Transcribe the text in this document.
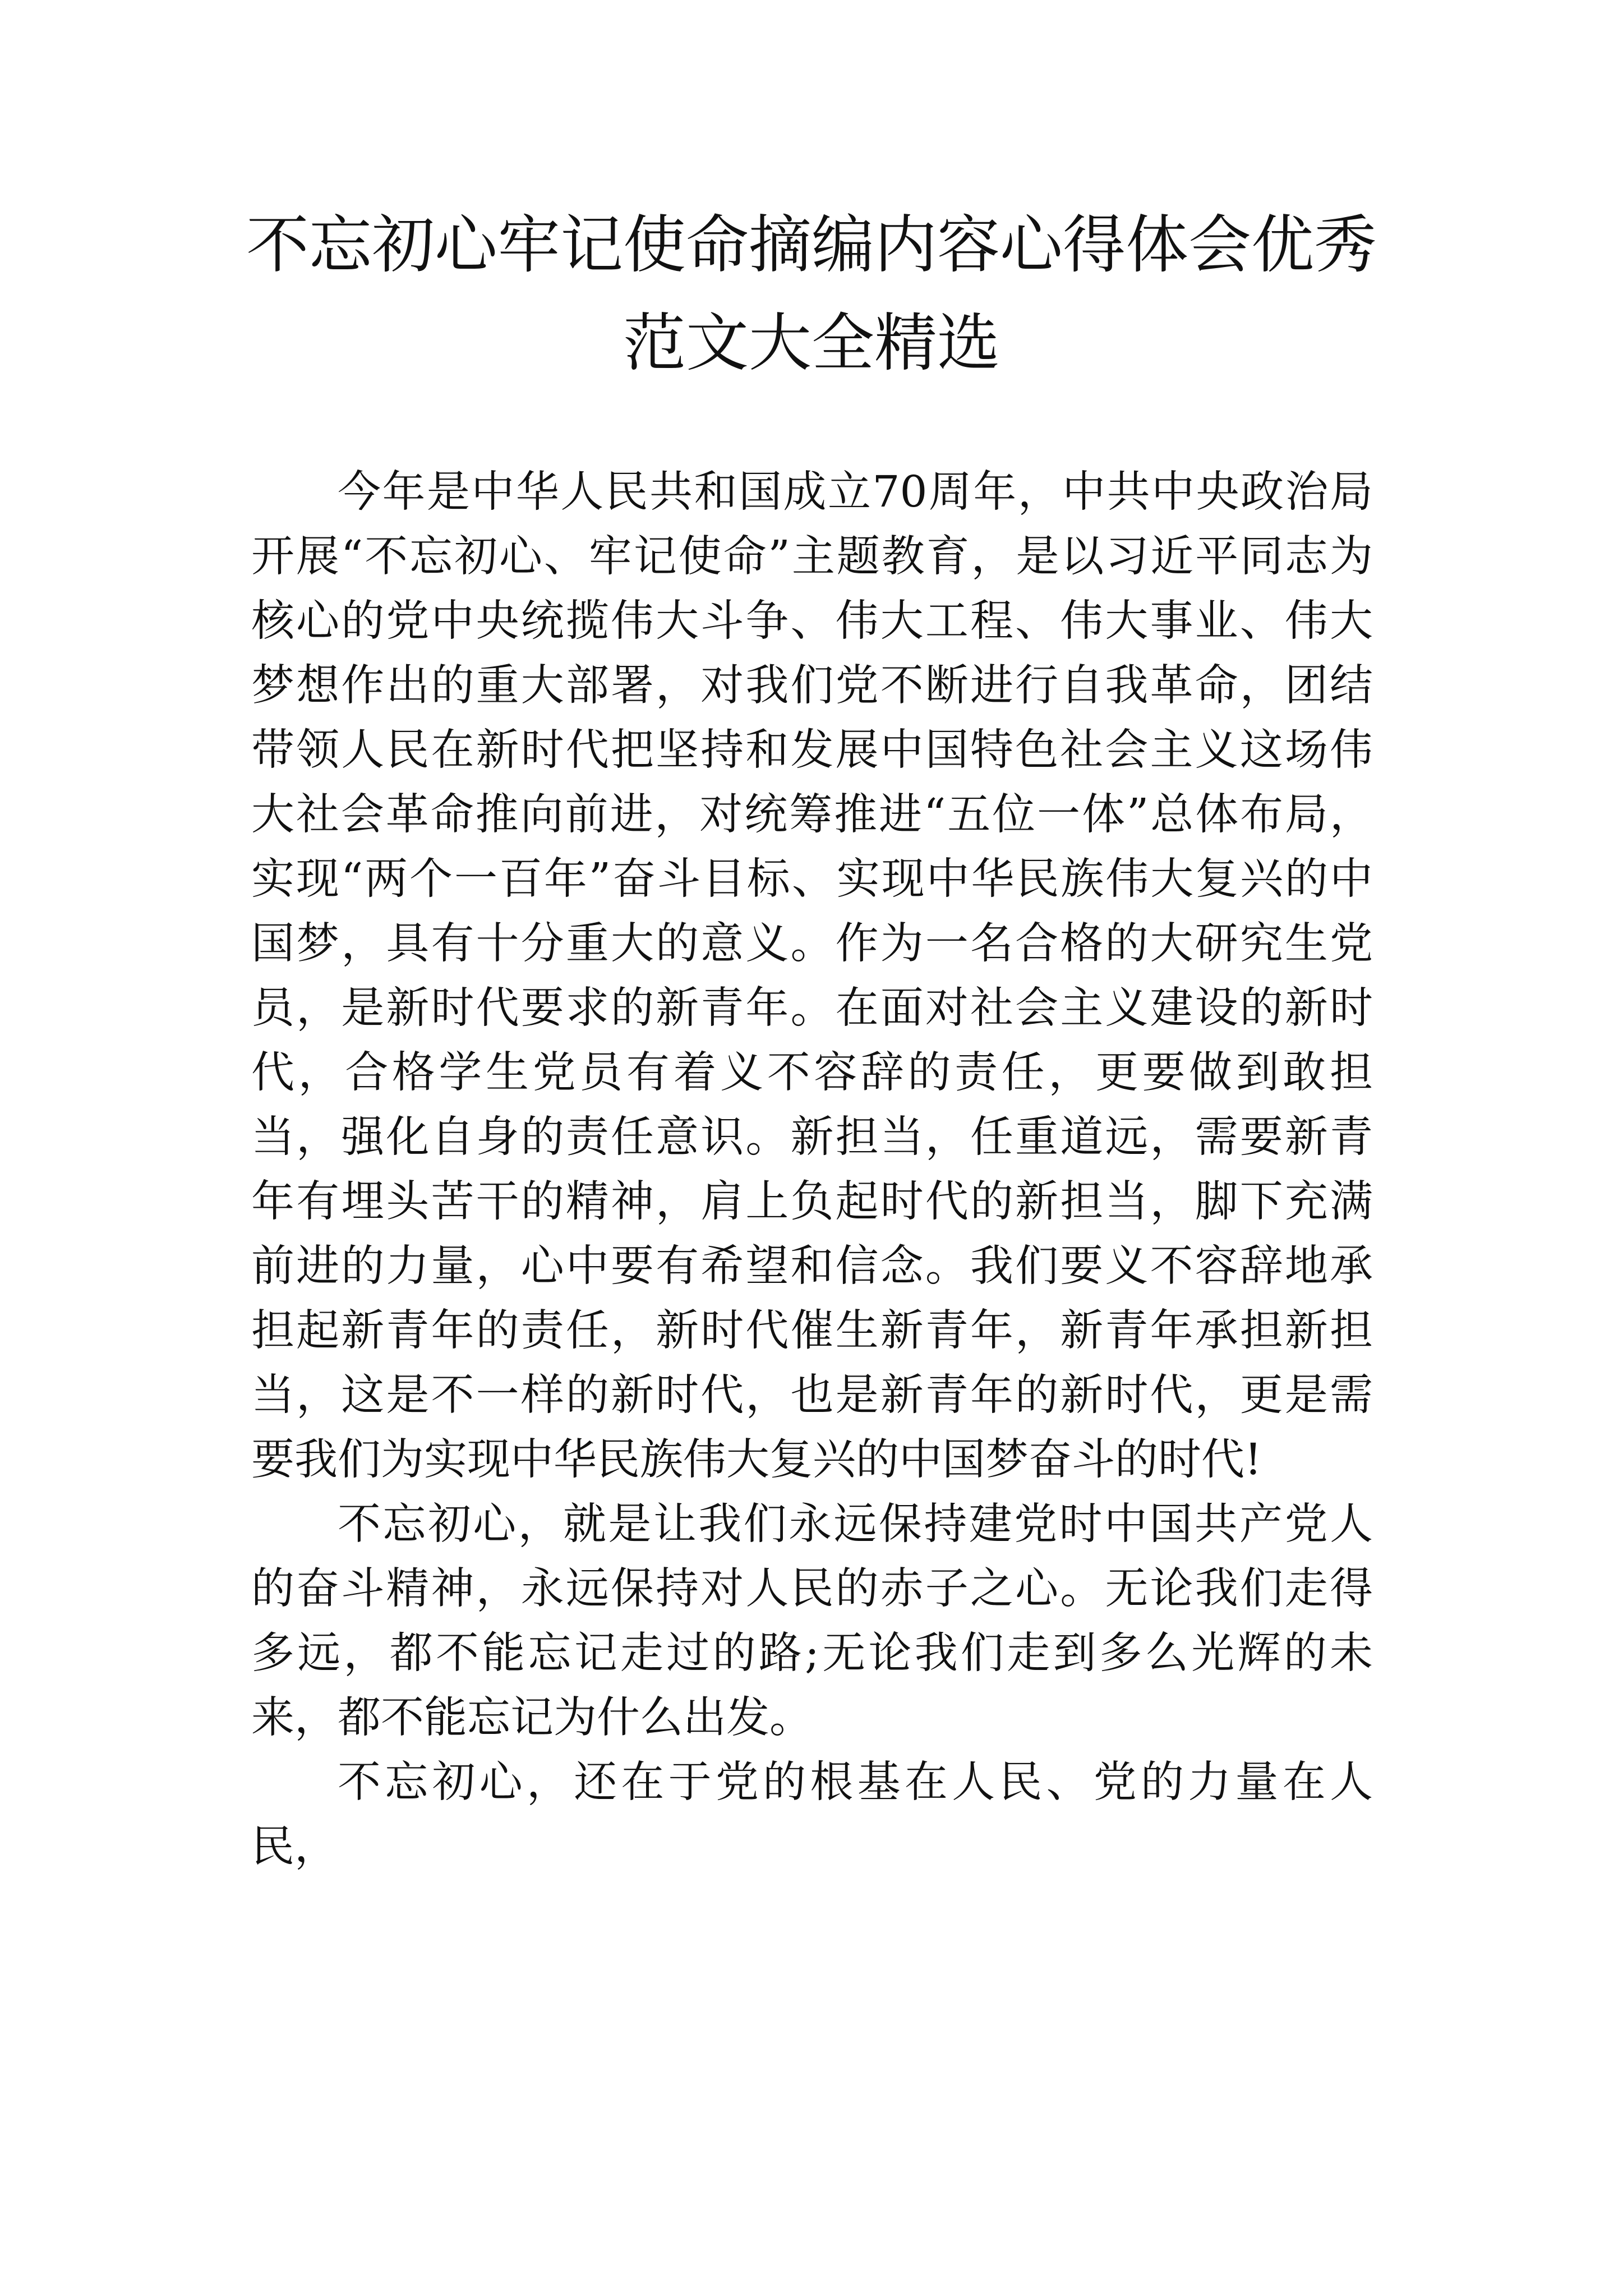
不忘初心牢记使命摘编内容心得体会优秀
范文大全精选

今年是中华人民共和国成立70周年，中共中央政治局开展“不忘初心、牢记使命”主题教育，是以习近平同志为核心的党中央统揽伟大斗争、伟大工程、伟大事业、伟大梦想作出的重大部署，对我们党不断进行自我革命，团结带领人民在新时代把坚持和发展中国特色社会主义这场伟大社会革命推向前进，对统筹推进“五位一体”总体布局，实现“两个一百年”奋斗目标、实现中华民族伟大复兴的中国梦，具有十分重大的意义。作为一名合格的大研究生党员，是新时代要求的新青年。在面对社会主义建设的新时代，合格学生党员有着义不容辞的责任，更要做到敢担当，强化自身的责任意识。新担当，任重道远，需要新青年有埋头苦干的精神，肩上负起时代的新担当，脚下充满前进的力量，心中要有希望和信念。我们要义不容辞地承担起新青年的责任，新时代催生新青年，新青年承担新担当，这是不一样的新时代，也是新青年的新时代，更是需要我们为实现中华民族伟大复兴的中国梦奋斗的时代!

不忘初心，就是让我们永远保持建党时中国共产党人的奋斗精神，永远保持对人民的赤子之心。无论我们走得多远，都不能忘记走过的路;无论我们走到多么光辉的未来，都不能忘记为什么出发。

不忘初心，还在于党的根基在人民、党的力量在人民，
